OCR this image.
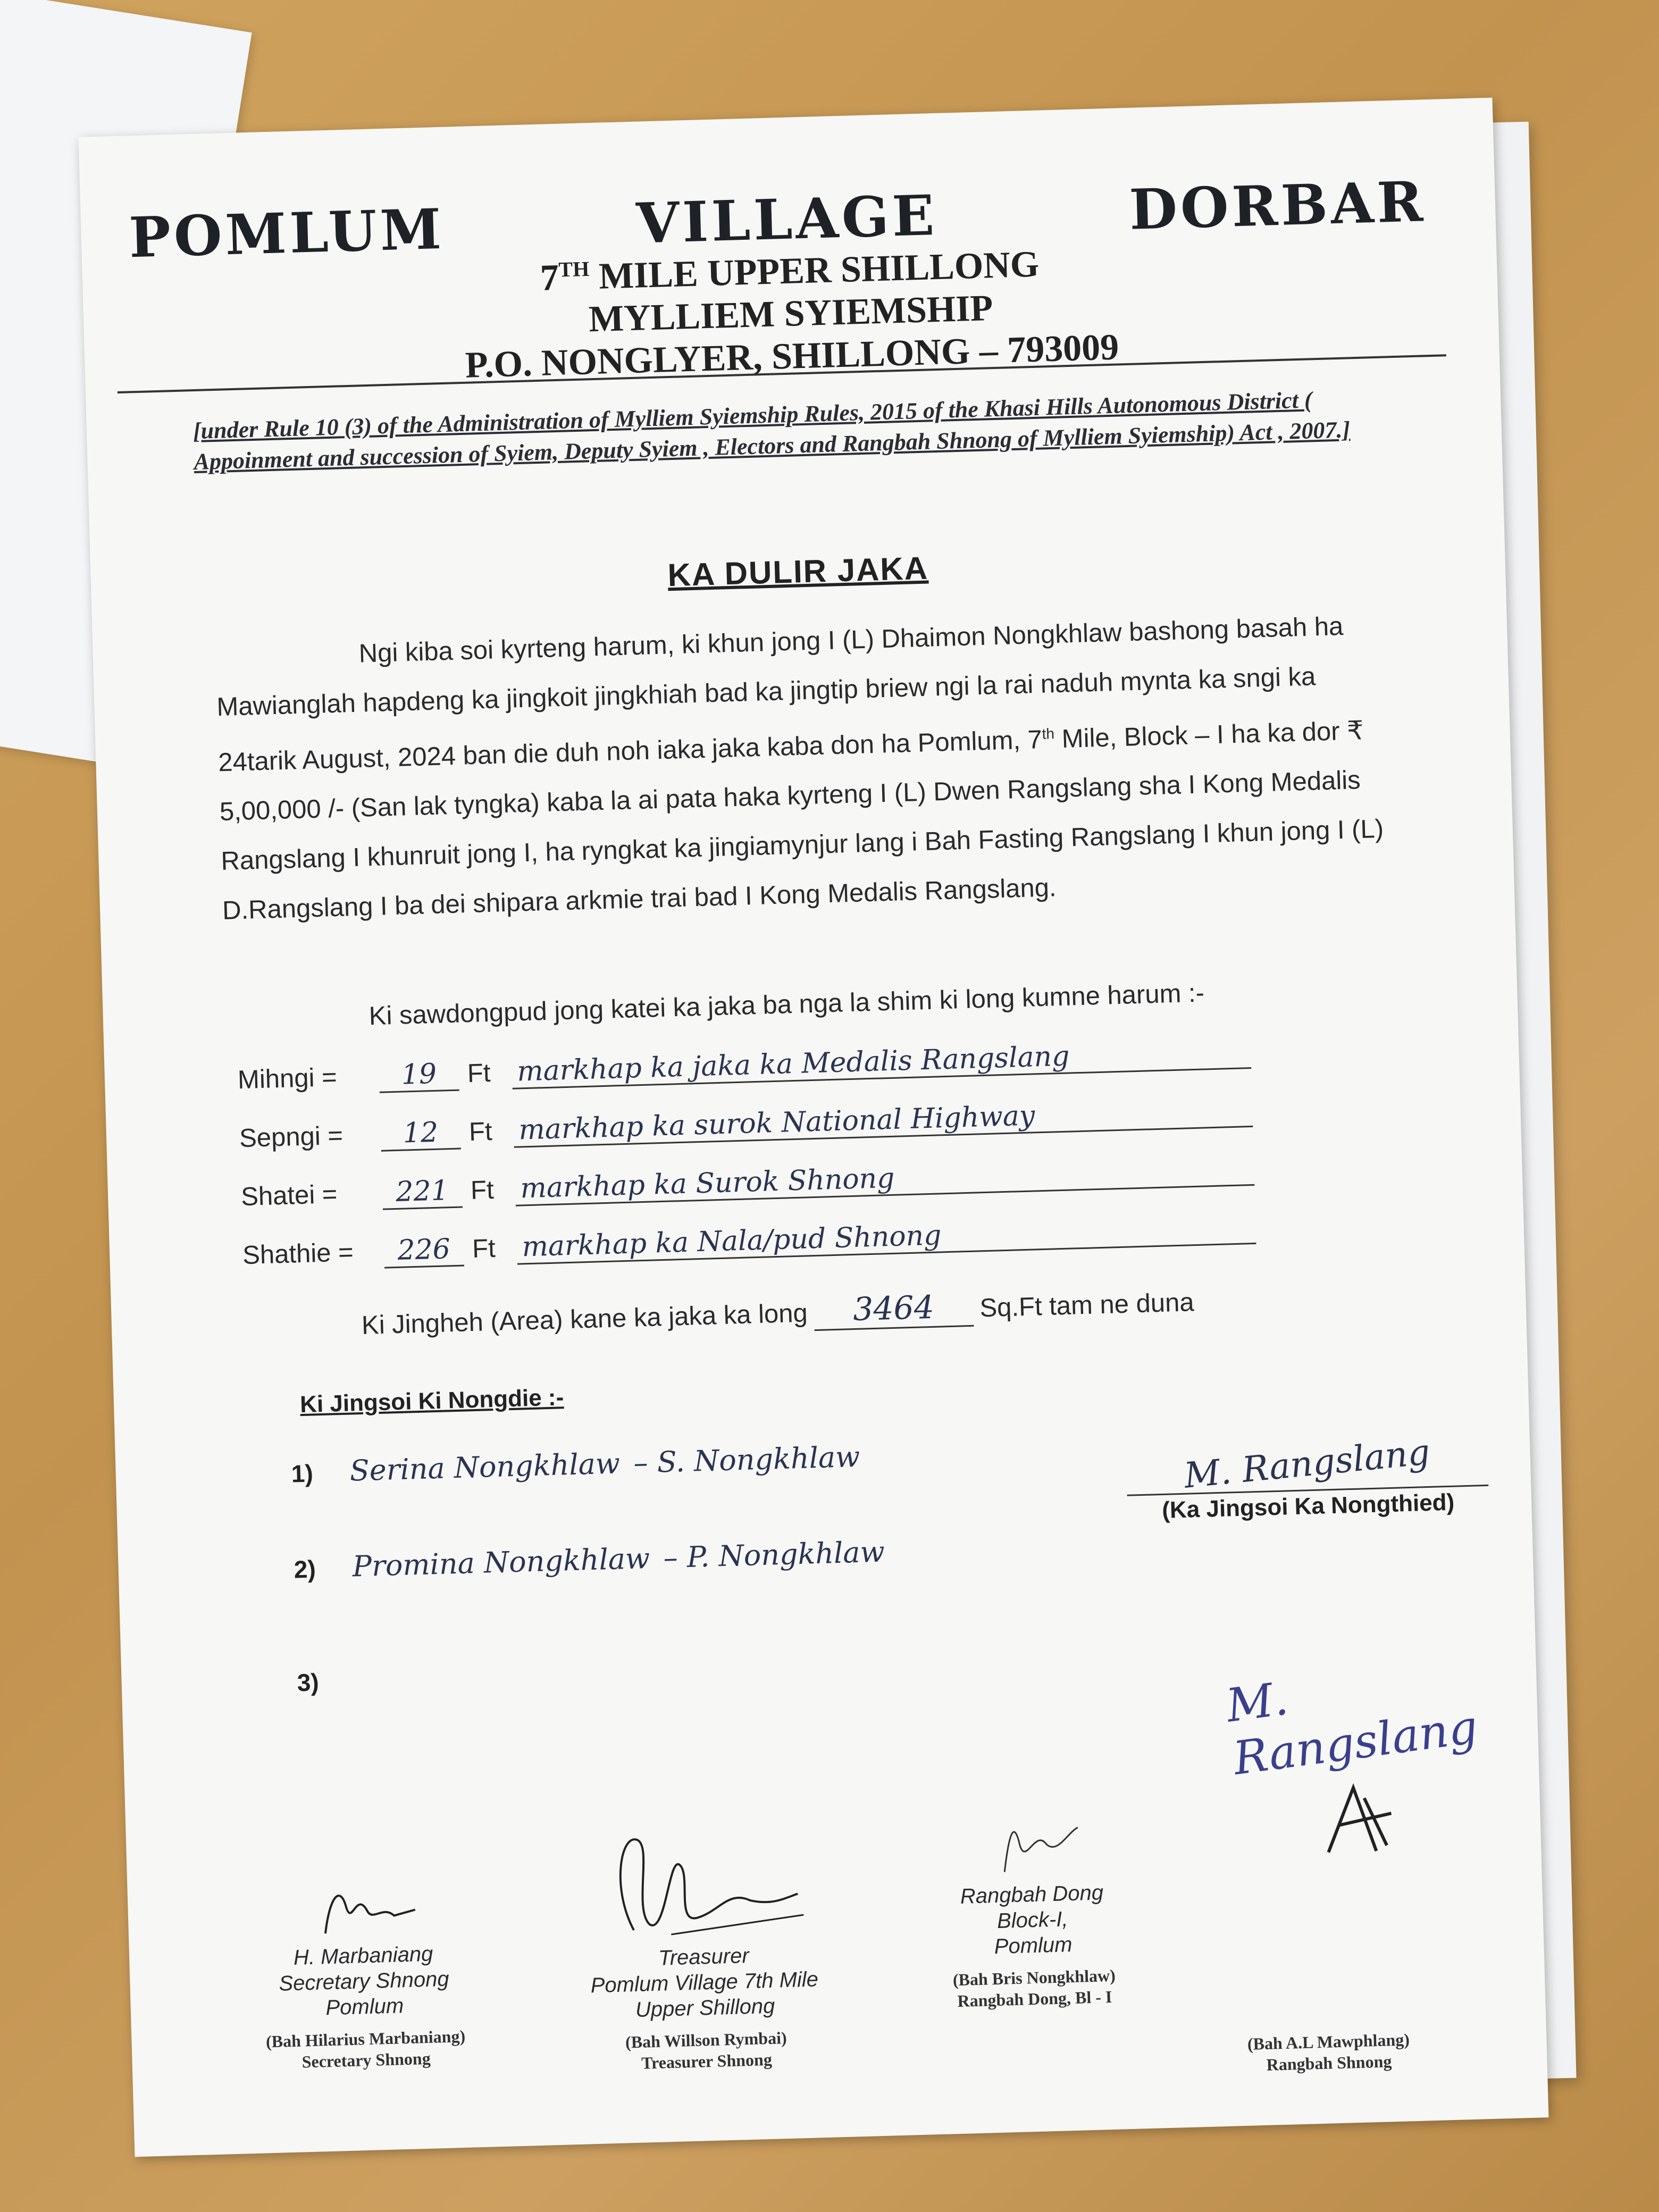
POMLUM	VILLAGE	DORBAR
7TH MILE UPPER SHILLONG
MYLLIEM SYIEMSHIP
P.O. NONGLYER, SHILLONG – 793009
[under Rule 10 (3) of the Administration of Mylliem Syiemship Rules, 2015 of the Khasi Hills Autonomous District ( Appoinment and succession of Syiem, Deputy Syiem , Electors and Rangbah Shnong of Mylliem Syiemship) Act , 2007.]
KA DULIR JAKA
Ngi kiba soi kyrteng harum, ki khun jong I (L) Dhaimon Nongkhlaw bashong basah ha Mawianglah hapdeng ka jingkoit jingkhiah bad ka jingtip briew ngi la rai naduh mynta ka sngi ka 24tarik August, 2024 ban die duh noh iaka jaka kaba don ha Pomlum, 7th Mile, Block – I ha ka dor ₹ 5,00,000 /- (San lak tyngka) kaba la ai pata haka kyrteng I (L) Dwen Rangslang sha I Kong Medalis Rangslang I khunruit jong I, ha ryngkat ka jingiamynjur lang i Bah Fasting Rangslang I khun jong I (L) D.Rangslang I ba dei shipara arkmie trai bad I Kong Medalis Rangslang.
Ki sawdongpud jong katei ka jaka ba nga la shim ki long kumne harum :-
Mihngi =	19	Ft markhap ka jaka ka Medalis Rangslang
Sepngi =	12	Ft markhap ka surok National Highway
Shatei =	221 Ft markhap ka Surok Shnong
Shathie =	226 Ft markhap ka Nala/pud Shnong
Ki Jingheh (Area) kane ka jaka ka long	3464	Sq.Ft tam ne duna
Ki Jingsoi Ki Nongdie :-
1)	Serina Nongkhlaw
– S. Nongkhlaw
2)	Promina Nongkhlaw
– P. Nongkhlaw
3)
M. Rangslang
(Ka Jingsoi Ka Nongthied)
M. Rangslang
H. Marbaniang
Secretary Shnong
Pomlum
(Bah Hilarius Marbaniang)
Secretary Shnong
Treasurer
Pomlum Village 7th Mile
Upper Shillong
(Bah Willson Rymbai)
Treasurer Shnong
Rangbah Dong
Block-I,
Pomlum
(Bah Bris Nongkhlaw)
Rangbah Dong, Bl - I
(Bah A.L Mawphlang)
Rangbah Shnong
